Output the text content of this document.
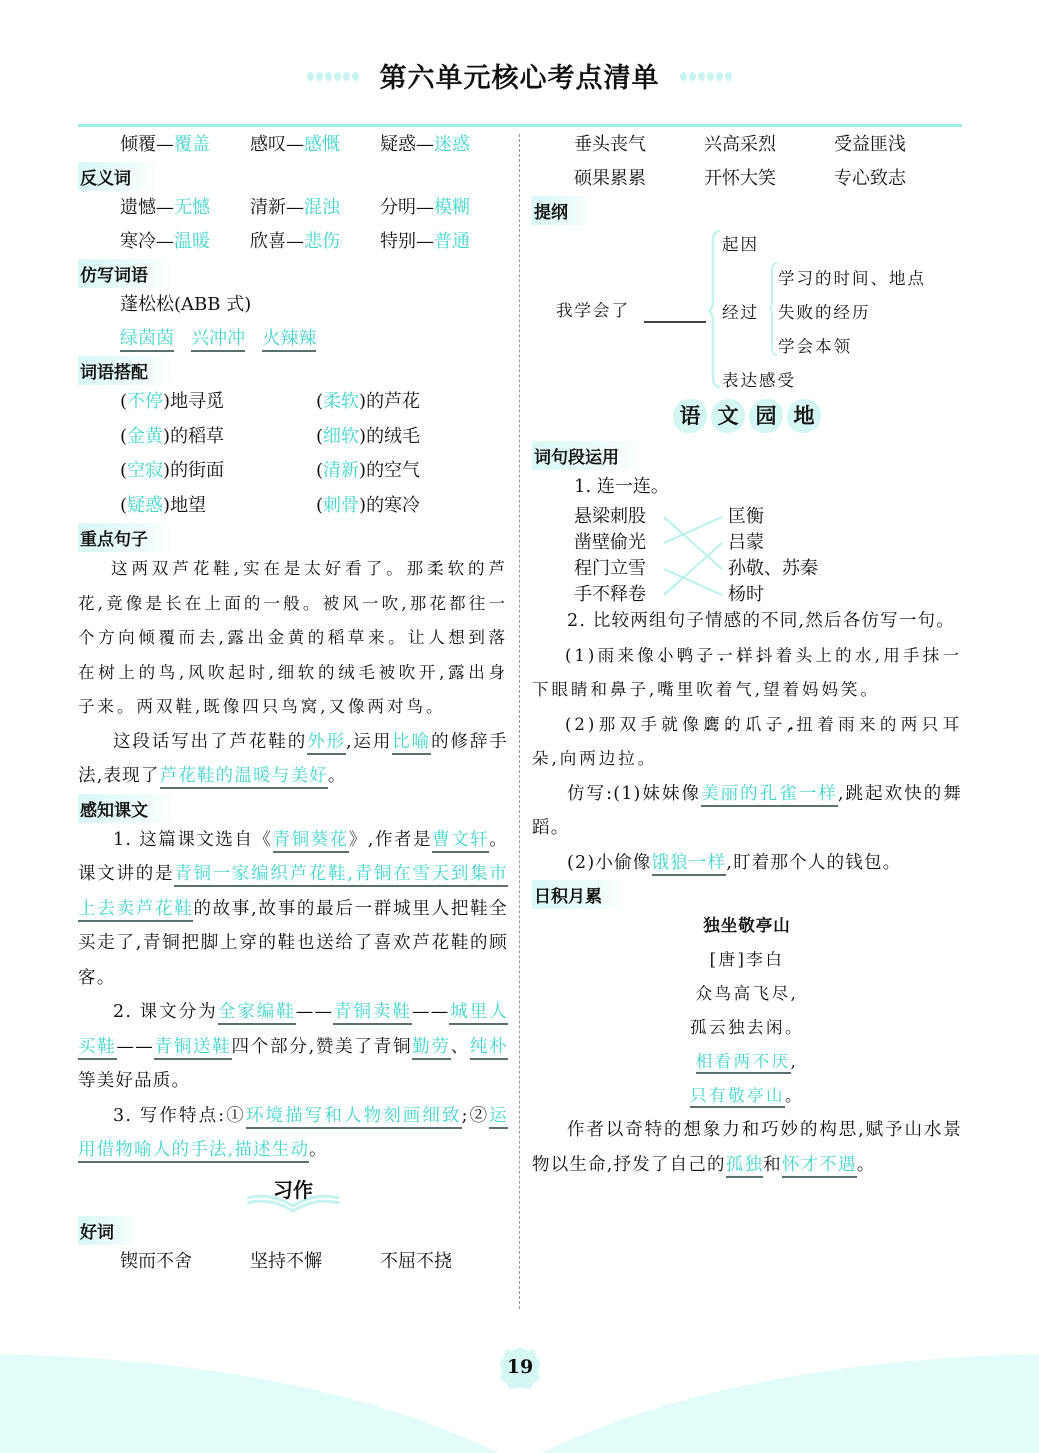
第六单元核心考点清单
倾覆—覆盖	感叹—感慨	疑惑—迷惑
反义词
遗憾—无憾	清新—混浊	分明—模糊
寒冷—温暖	欣喜—悲伤	特别—普通
仿写词语
蓬松松(ABB 式)
绿茵茵 兴冲冲 火辣辣
词语搭配
(不停)地寻觅	(柔软)的芦花
(金黄)的稻草	(细软)的绒毛
(空寂)的街面	(清新)的空气
(疑惑)地望	(刺骨)的寒冷
重点句子
这两双芦花鞋,实在是太好看了。那柔软的芦花,竟像是长在上面的一般。被风一吹,那花都往一个方向倾覆而去,露出金黄的稻草来。让人想到落在树上的鸟,风吹起时,细软的绒毛被吹开,露出身子来。两双鞋,既像四只鸟窝,又像两对鸟。
这段话写出了芦花鞋的外形,运用比喻的修辞手法,表现了芦花鞋的温暖与美好。
感知课文
1. 这篇课文选自《青铜葵花》,作者是曹文轩。课文讲的是青铜一家编织芦花鞋,青铜在雪天到集市上去卖芦花鞋的故事,故事的最后一群城里人把鞋全买走了,青铜把脚上穿的鞋也送给了喜欢芦花鞋的顾客。
2. 课文分为全家编鞋——青铜卖鞋——城里人买鞋——青铜送鞋四个部分,赞美了青铜勤劳、纯朴等美好品质。
3. 写作特点:①环境描写和人物刻画细致;②运用借物喻人的手法,描述生动。
习作
好词
锲而不舍	坚持不懈	不屈不挠
垂头丧气	兴高采烈	受益匪浅
硕果累累	开怀大笑	专心致志
提纲
我学会了
起因
经过
表达感受
学习的时间、地点
失败的经历
学会本领
语 文 园 地
词句段运用
1. 连一连。
悬梁刺股
凿壁偷光
程门立雪
手不释卷
匡衡
吕蒙
孙敬、苏秦
杨时
2. 比较两组句子情感的不同,然后各仿写一句。
(1)雨来像小鸭子一样抖着头上的水,用手抹一下眼睛和鼻子,嘴里吹着气,望着妈妈笑。
(2)那双手就像鹰的爪子,扭着雨来的两只耳朵,向两边拉。
仿写:(1)妹妹像美丽的孔雀一样,跳起欢快的舞蹈。
(2)小偷像饿狼一样,盯着那个人的钱包。
日积月累
独坐敬亭山
[唐]李白
众鸟高飞尽,
孤云独去闲。
相看两不厌,
只有敬亭山。
作者以奇特的想象力和巧妙的构思,赋予山水景物以生命,抒发了自己的孤独和怀才不遇。
19
